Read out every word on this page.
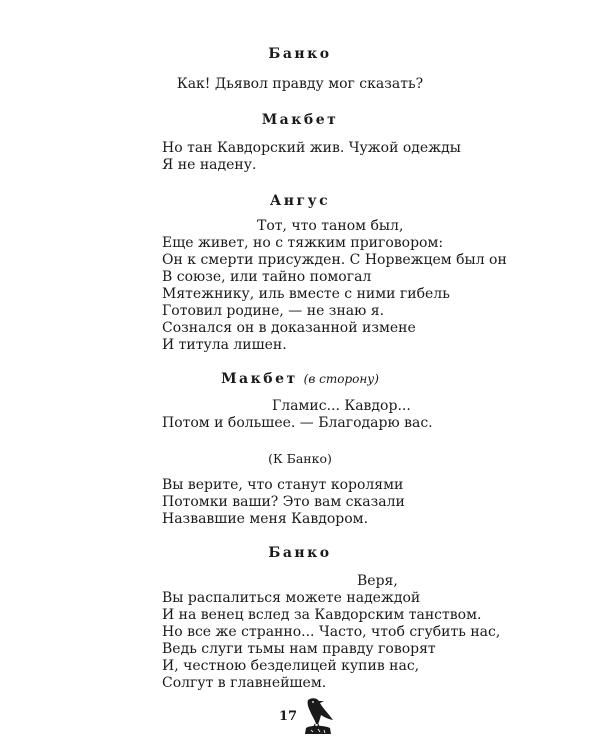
Банко
Как! Дьявол правду мог сказать?
Макбет
Но тан Кавдорский жив. Чужой одежды
Я не надену.
Ангус
Тот, что таном был,
Еще живет, но с тяжким приговором:
Он к смерти присужден. С Норвежцем был он
В союзе, или тайно помогал
Мятежнику, иль вместе с ними гибель
Готовил родине, — не знаю я.
Сознался он в доказанной измене
И титула лишен.
Макбет (в сторону)
Гламис... Кавдор...
Потом и большее. — Благодарю вас.
(К Банко)
Вы верите, что станут королями
Потомки ваши? Это вам сказали
Назвавшие меня Кавдором.
Банко
Веря,
Вы распалиться можете надеждой
И на венец вслед за Кавдорским танством.
Но все же странно... Часто, чтоб сгубить нас,
Ведь слуги тьмы нам правду говорят
И, честною безделицей купив нас,
Солгут в главнейшем.
17
